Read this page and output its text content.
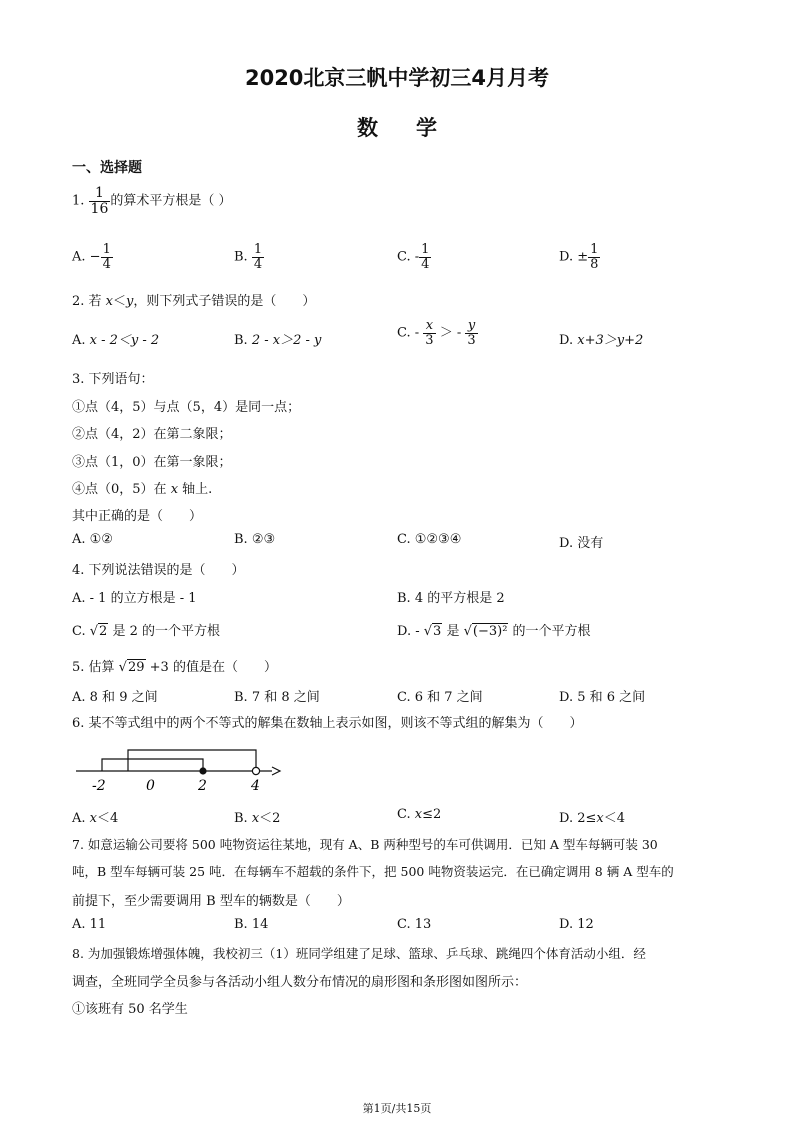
2020北京三帆中学初三4月月考
数学
一、选择题
1. $\frac{1}{16}$ 的算术平方根是（ ）
A. − $\frac{1}{4}$	B. $\frac{1}{4}$	C. - $\frac{1}{4}$	D. ± $\frac{1}{8}$
2. 若 x＜y，则下列式子错误的是（　　）
A. x - 2＜y - 2	B. 2 - x＞2 - y	C. - $\frac{x}{3}$ ＞ - $\frac{y}{3}$	D. x+3＞y+2
3. 下列语句：
①点（4，5）与点（5，4）是同一点；
②点（4，2）在第二象限；
③点（1，0）在第一象限；
④点（0，5）在 x 轴上.
其中正确的是（　　）
A. ①②	B. ②③	C. ①②③④	D. 没有
4. 下列说法错误的是（　　）
A. - 1 的立方根是 - 1	B. 4 的平方根是 2
C. √2 是 2 的一个平方根	D. - √3 是 √(−3)² 的一个平方根
5. 估算 √29 +3 的值是在（　　）
A. 8 和 9 之间	B. 7 和 8 之间	C. 6 和 7 之间	D. 5 和 6 之间
6. 某不等式组中的两个不等式的解集在数轴上表示如图，则该不等式组的解集为（　　）
-2	0	2	4
A. x＜4	B. x＜2	C. x≤2	D. 2≤x＜4
7. 如意运输公司要将 500 吨物资运往某地，现有 A、B 两种型号的车可供调用．已知 A 型车每辆可装 30
吨，B 型车每辆可装 25 吨．在每辆车不超载的条件下，把 500 吨物资装运完．在已确定调用 8 辆 A 型车的
前提下，至少需要调用 B 型车的辆数是（　　）
A. 11	B. 14	C. 13	D. 12
8. 为加强锻炼增强体魄，我校初三（1）班同学组建了足球、篮球、乒乓球、跳绳四个体育活动小组．经
调查，全班同学全员参与各活动小组人数分布情况的扇形图和条形图如图所示：
①该班有 50 名学生
第1页/共15页
